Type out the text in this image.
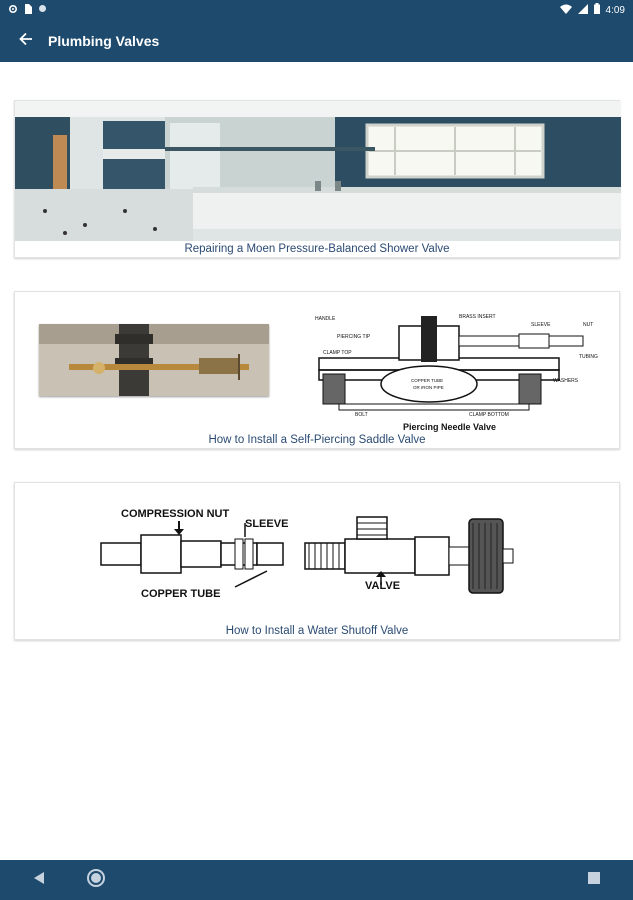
4:09
Plumbing Valves
Repairing a Moen Pressure-Balanced Shower Valve
HANDLE	BRASS INSERT
SLEEVE	NUT
PIERCING TIP
CLAMP TOP
TUBING
WASHERS
COPPER TUBE
OR IRON PIPE
BOLT	CLAMP BOTTOM
Piercing Needle Valve
How to Install a Self-Piercing Saddle Valve
COMPRESSION NUT
SLEEVE
COPPER TUBE
VALVE
How to Install a Water Shutoff Valve
